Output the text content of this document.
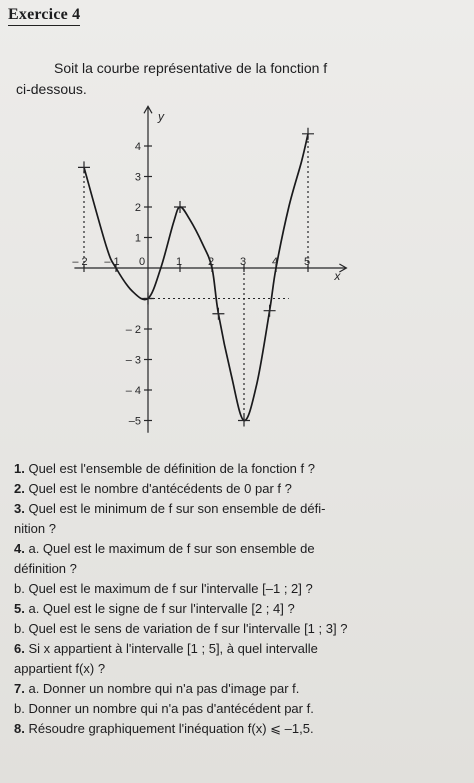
Exercice 4
Soit la courbe représentative de la fonction f
ci-dessous.
x
y
– 2 – 1 0	1 2 3 4 5
–5
– 4
– 3
– 2
1
2
3
4
1. Quel est l'ensemble de définition de la fonction f ?
2. Quel est le nombre d'antécédents de 0 par f ?
3. Quel est le minimum de f sur son ensemble de défi-
nition ?
4. a. Quel est le maximum de f sur son ensemble de
définition ?
b. Quel est le maximum de f sur l'intervalle [–1 ; 2] ?
5. a. Quel est le signe de f sur l'intervalle [2 ; 4] ?
b. Quel est le sens de variation de f sur l'intervalle [1 ; 3] ?
6. Si x appartient à l'intervalle [1 ; 5], à quel intervalle
appartient f(x) ?
7. a. Donner un nombre qui n'a pas d'image par f.
b. Donner un nombre qui n'a pas d'antécédent par f.
8. Résoudre graphiquement l'inéquation f(x) ⩽ –1,5.
